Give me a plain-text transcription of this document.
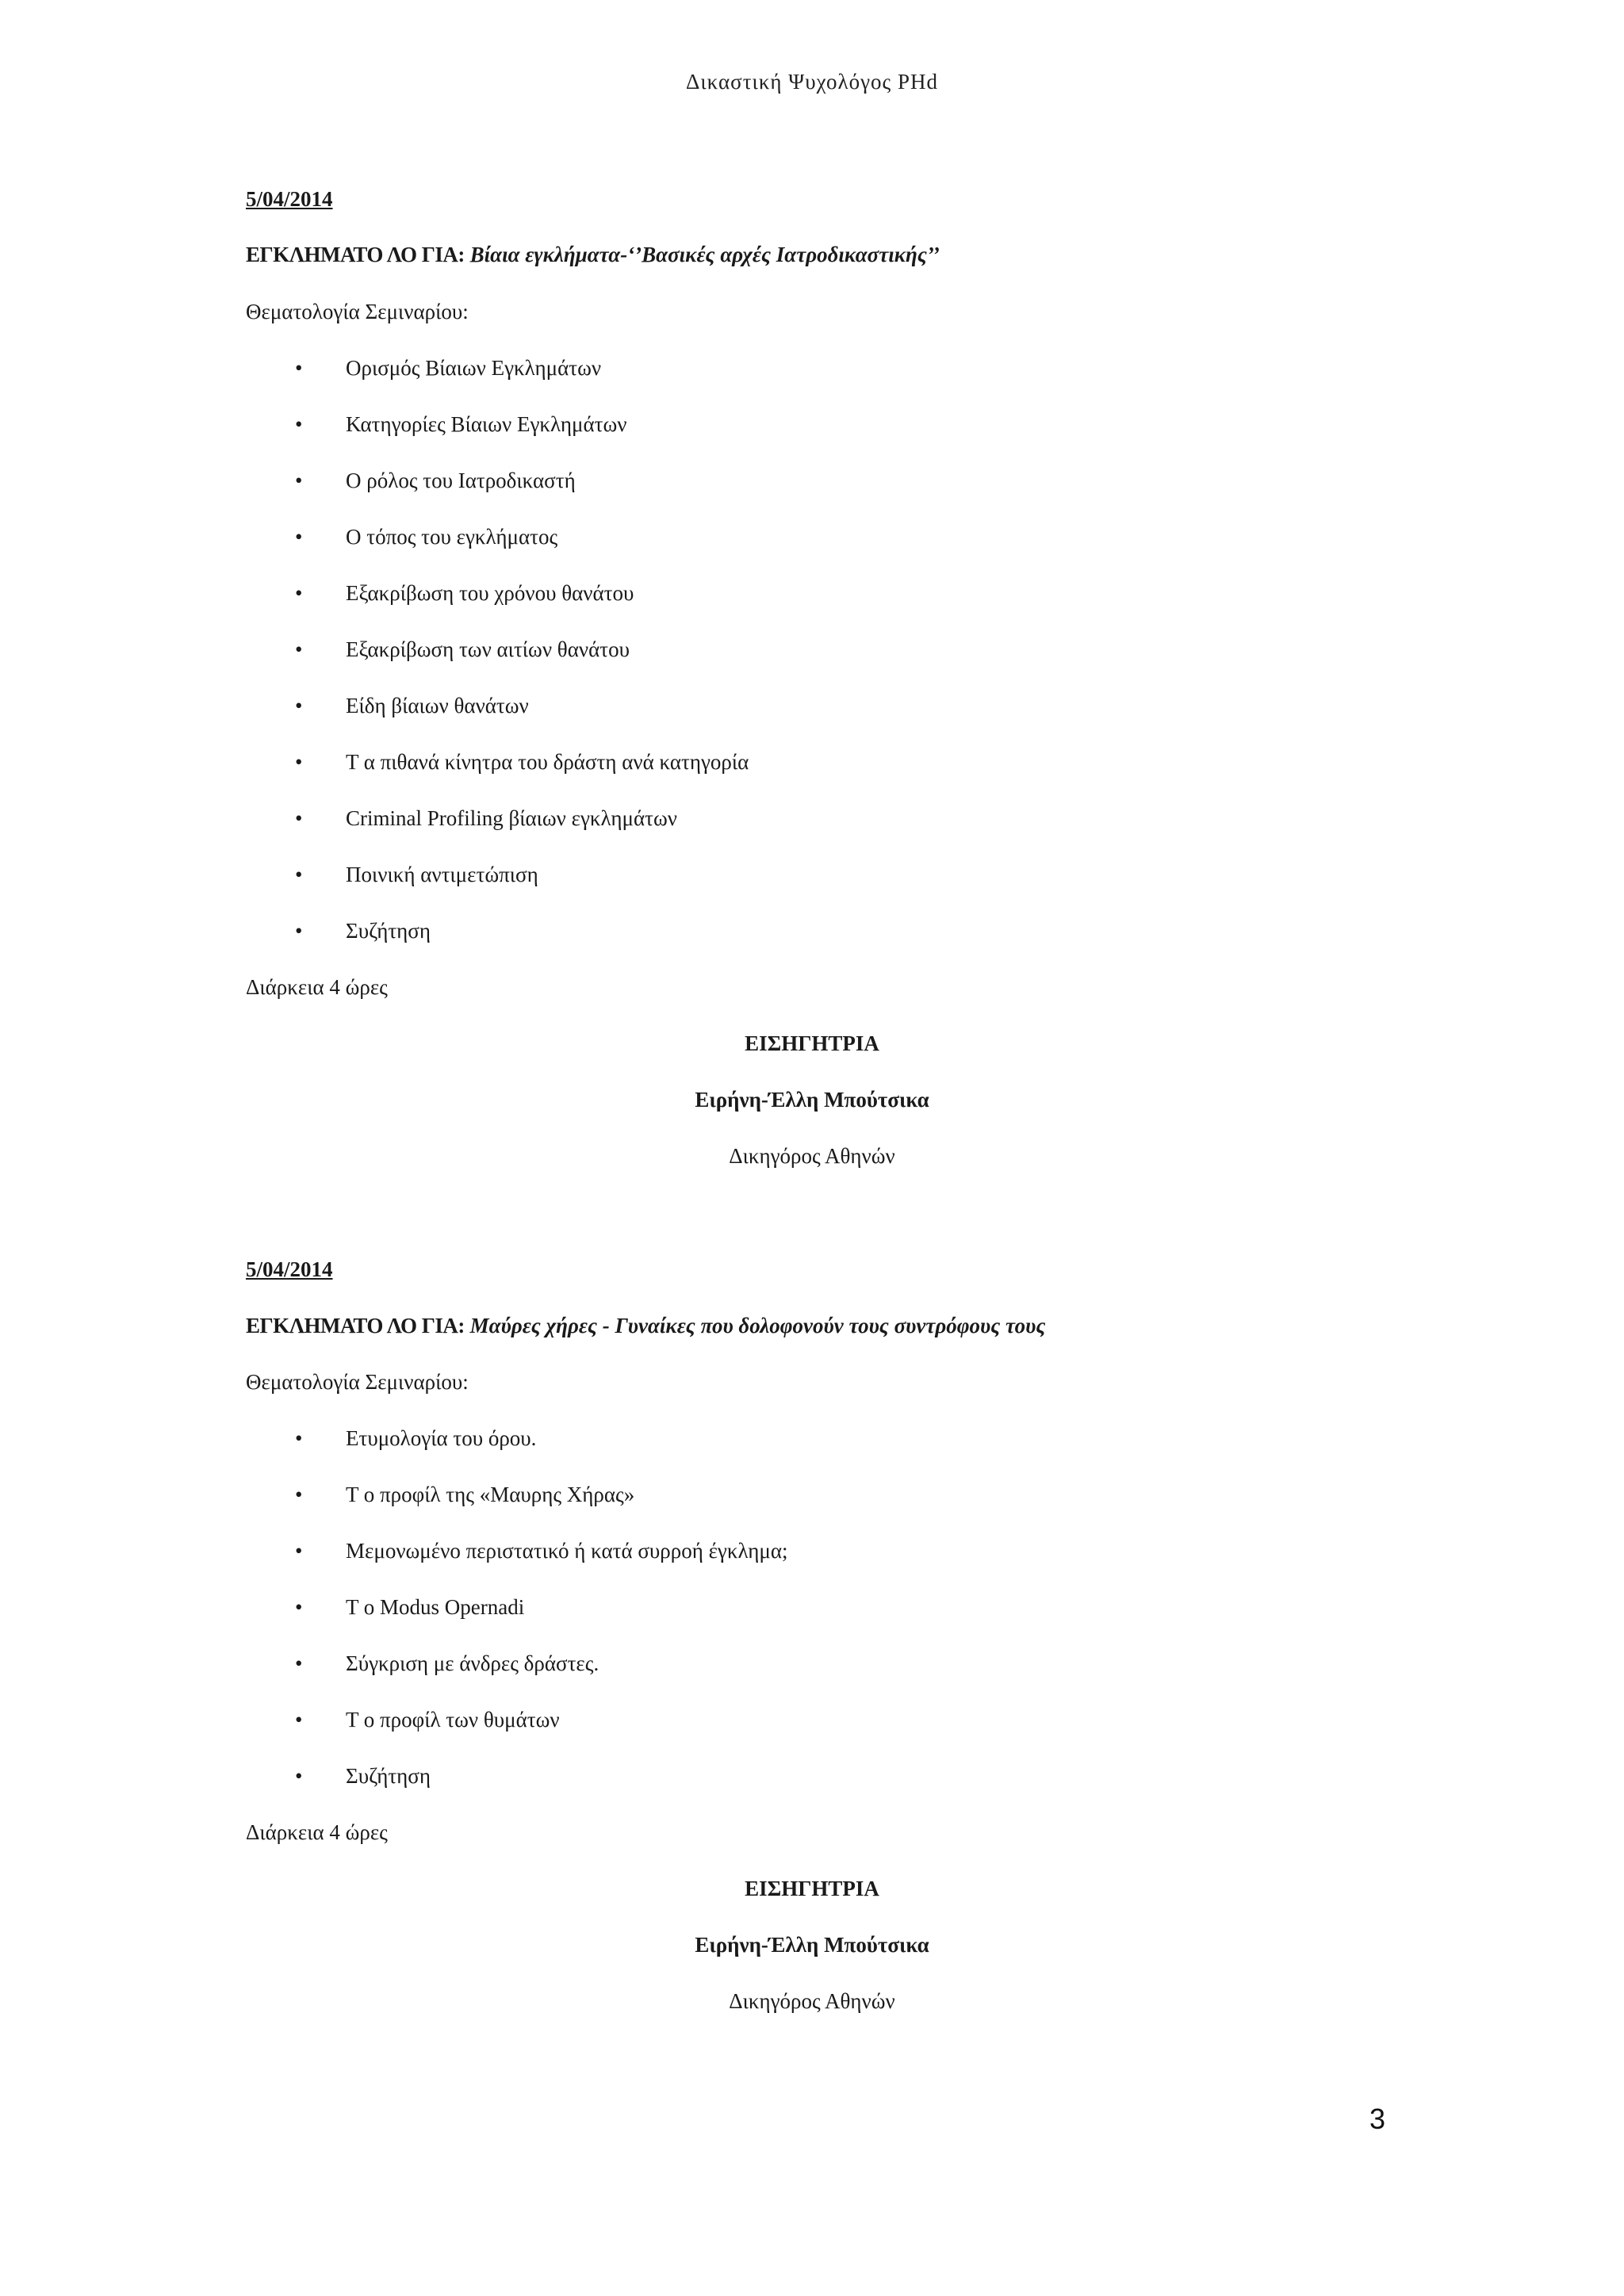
Δικαστική Ψυχολόγος PHd
5/04/2014
ΕΓΚΛΗΜΑΤΟ ΛΟ ΓΙΑ: Βίαια εγκλήματα-‘’Βασικές αρχές Ιατροδικαστικής’’
Θεματολογία Σεμιναρίου:
• Ορισμός Βίαιων Εγκλημάτων
• Κατηγορίες Βίαιων Εγκλημάτων
• Ο ρόλος του Ιατροδικαστή
• Ο τόπος του εγκλήματος
• Εξακρίβωση του χρόνου θανάτου
• Εξακρίβωση των αιτίων θανάτου
• Είδη βίαιων θανάτων
• Τ α πιθανά κίνητρα του δράστη ανά κατηγορία
• Criminal Profiling βίαιων εγκλημάτων
• Ποινική αντιμετώπιση
• Συζήτηση
Διάρκεια 4 ώρες
ΕΙΣΗΓΗΤΡΙΑ
Ειρήνη-Έλλη Μπούτσικα
Δικηγόρος Αθηνών
5/04/2014
ΕΓΚΛΗΜΑΤΟ ΛΟ ΓΙΑ: Μαύρες χήρες - Γυναίκες που δολοφονούν τους συντρόφους τους
Θεματολογία Σεμιναρίου:
• Ετυμολογία του όρου.
• Τ ο προφίλ της «Μαυρης Χήρας»
• Μεμονωμένο περιστατικό ή κατά συρροή έγκλημα;
• Τ ο Modus Opernadi
• Σύγκριση με άνδρες δράστες.
• Τ ο προφίλ των θυμάτων
• Συζήτηση
Διάρκεια 4 ώρες
ΕΙΣΗΓΗΤΡΙΑ
Ειρήνη-Έλλη Μπούτσικα
Δικηγόρος Αθηνών
3
